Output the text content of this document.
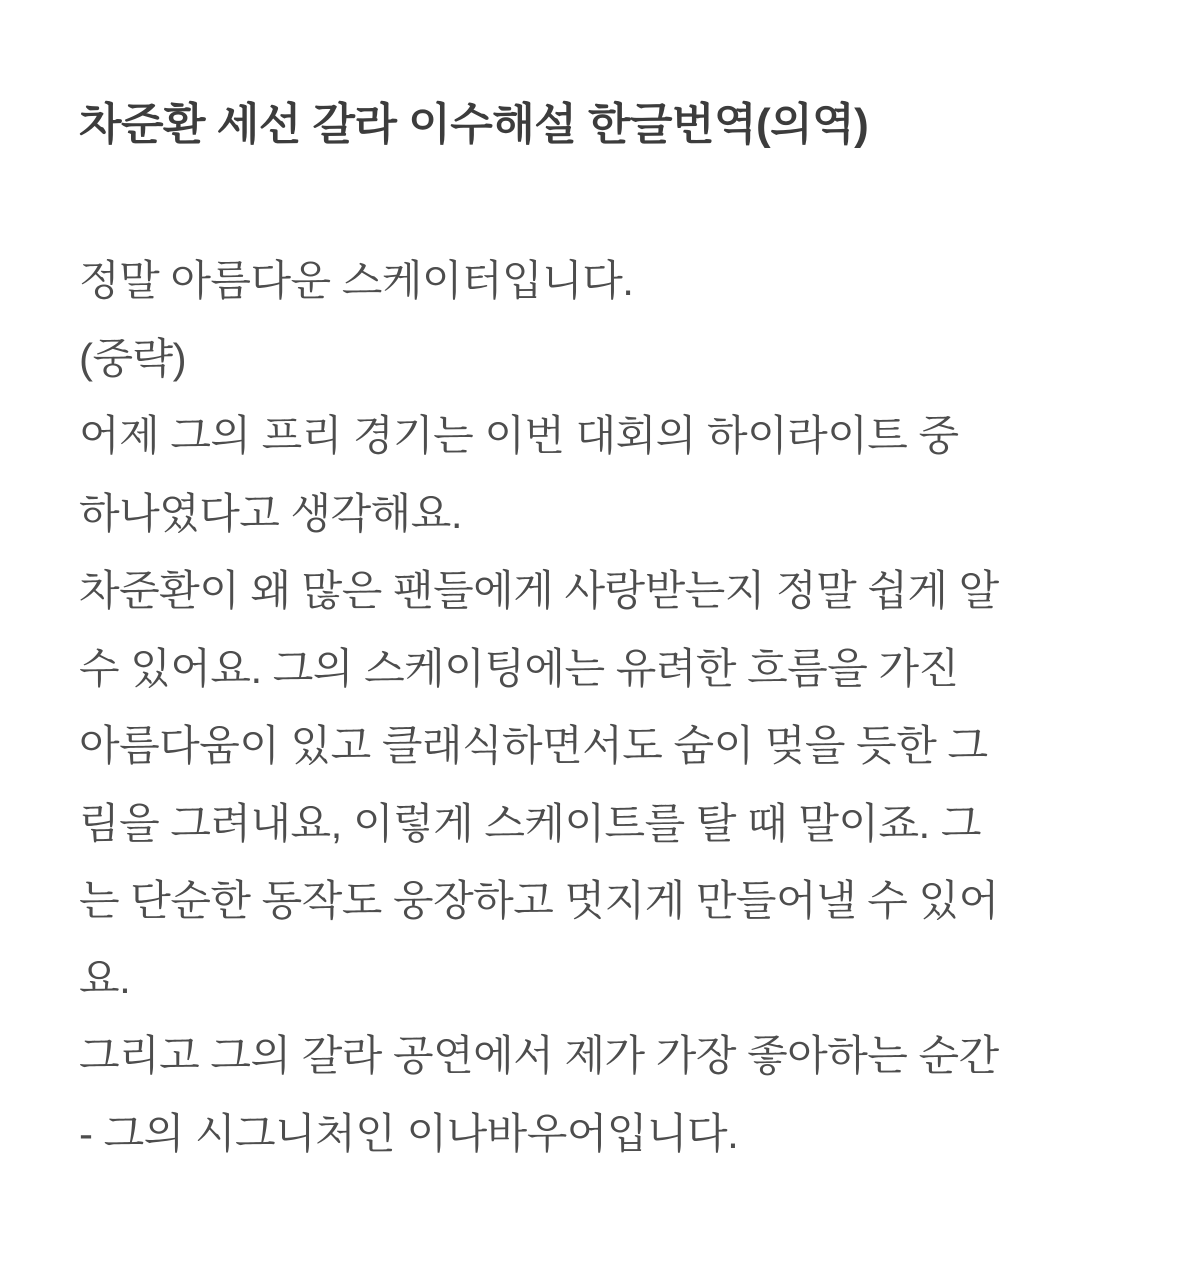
차준환 세선 갈라 이수해설 한글번역(의역)
정말 아름다운 스케이터입니다.
(중략)
어제 그의 프리 경기는 이번 대회의 하이라이트 중
하나였다고 생각해요.
차준환이 왜 많은 팬들에게 사랑받는지 정말 쉽게 알
수 있어요. 그의 스케이팅에는 유려한 흐름을 가진
아름다움이 있고 클래식하면서도 숨이 멎을 듯한 그
림을 그려내요, 이렇게 스케이트를 탈 때 말이죠. 그
는 단순한 동작도 웅장하고 멋지게 만들어낼 수 있어
요.
그리고 그의 갈라 공연에서 제가 가장 좋아하는 순간
- 그의 시그니처인 이나바우어입니다.
